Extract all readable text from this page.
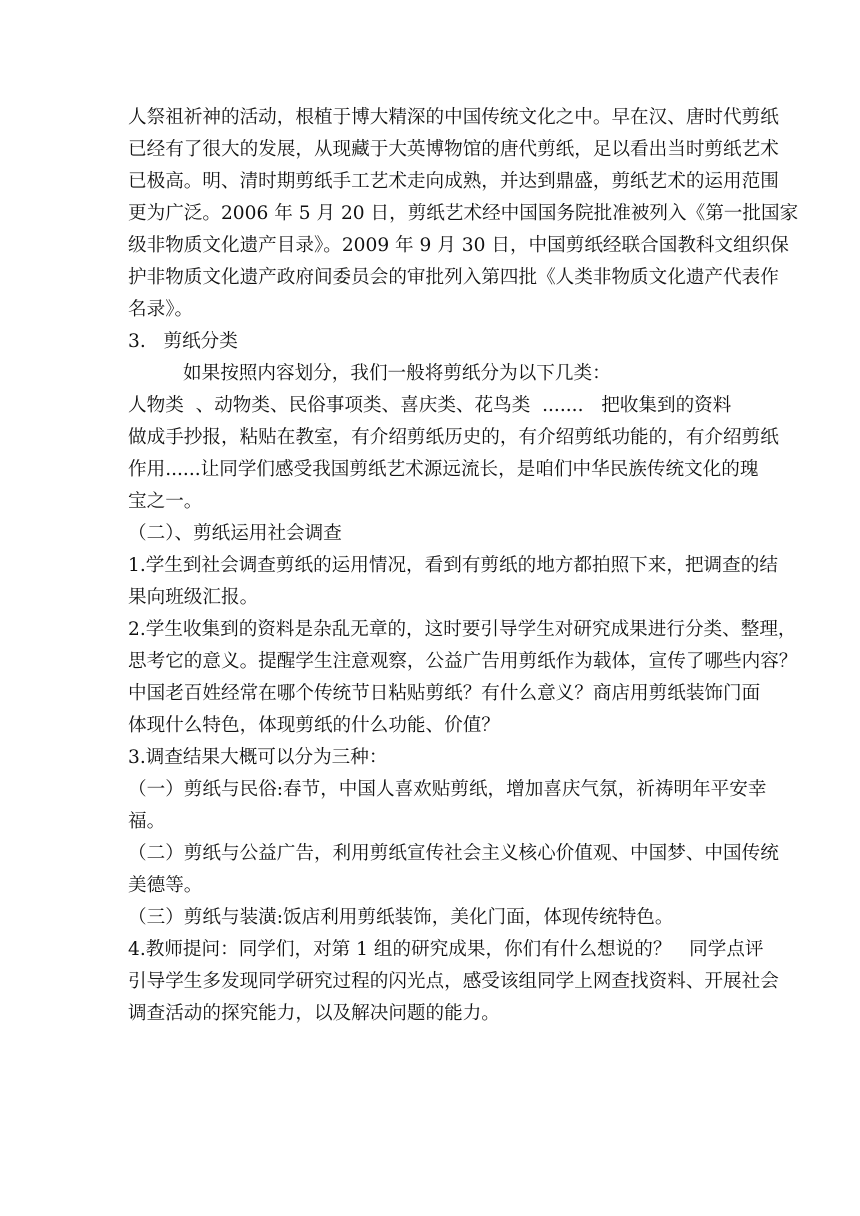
人祭祖祈神的活动，根植于博大精深的中国传统文化之中。早在汉、唐时代剪纸
已经有了很大的发展，从现藏于大英博物馆的唐代剪纸，足以看出当时剪纸艺术
已极高。明、清时期剪纸手工艺术走向成熟，并达到鼎盛，剪纸艺术的运用范围
更为广泛。2006 年 5 月 20 日，剪纸艺术经中国国务院批准被列入《第一批国家
级非物质文化遗产目录》。2009 年 9 月 30 日，中国剪纸经联合国教科文组织保
护非物质文化遗产政府间委员会的审批列入第四批《人类非物质文化遗产代表作
名录》。
3.   剪纸分类
如果按照内容划分，我们一般将剪纸分为以下几类：
人物类  、动物类、民俗事项类、喜庆类、花鸟类  .......   把收集到的资料
做成手抄报，粘贴在教室，有介绍剪纸历史的，有介绍剪纸功能的，有介绍剪纸
作用......让同学们感受我国剪纸艺术源远流长，是咱们中华民族传统文化的瑰
宝之一。
（二）、剪纸运用社会调查
1.学生到社会调查剪纸的运用情况，看到有剪纸的地方都拍照下来，把调查的结
果向班级汇报。
2.学生收集到的资料是杂乱无章的，这时要引导学生对研究成果进行分类、整理，
思考它的意义。提醒学生注意观察，公益广告用剪纸作为载体，宣传了哪些内容？
中国老百姓经常在哪个传统节日粘贴剪纸？有什么意义？商店用剪纸装饰门面
体现什么特色，体现剪纸的什么功能、价值？
3.调查结果大概可以分为三种：
（一）剪纸与民俗:春节，中国人喜欢贴剪纸，增加喜庆气氛，祈祷明年平安幸
福。
（二）剪纸与公益广告，利用剪纸宣传社会主义核心价值观、中国梦、中国传统
美德等。
（三）剪纸与装潢:饭店利用剪纸装饰，美化门面，体现传统特色。
4.教师提问：同学们，对第 1 组的研究成果，你们有什么想说的？   同学点评
引导学生多发现同学研究过程的闪光点，感受该组同学上网查找资料、开展社会
调查活动的探究能力，以及解决问题的能力。
